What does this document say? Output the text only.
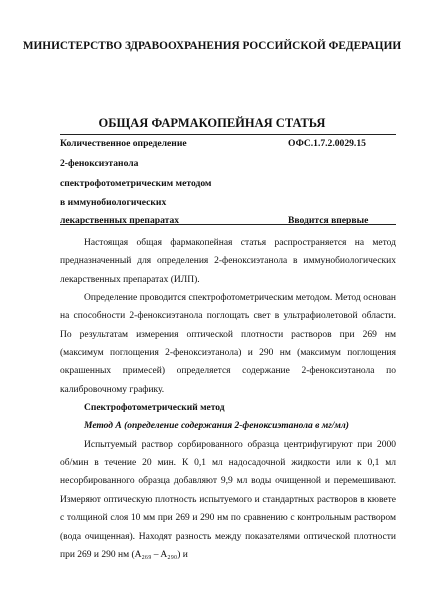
МИНИСТЕРСТВО ЗДРАВООХРАНЕНИЯ РОССИЙСКОЙ ФЕДЕРАЦИИ
ОБЩАЯ ФАРМАКОПЕЙНАЯ СТАТЬЯ
Количественное определение
2-феноксиэтанола
спектрофотометрическим методом
в иммунобиологических
лекарственных препаратах
ОФС.1.7.2.0029.15
Вводится впервые

Настоящая общая фармакопейная статья распространяется на метод предназначенный для определения 2-феноксиэтанола в иммунобиологических лекарственных препаратах (ИЛП).

Определение проводится спектрофотометрическим методом. Метод основан на способности 2-феноксиэтанола поглощать свет в ультрафиолетовой области. По результатам измерения оптической плотности растворов при 269 нм (максимум поглощения 2-феноксиэтанола) и 290 нм (максимум поглощения окрашенных примесей) определяется содержание 2-феноксиэтанола по калибровочному графику.

Спектрофотометрический метод

Метод А (определение содержания 2-феноксиэтанола в мг/мл)

Испытуемый раствор сорбированного образца центрифугируют при 2000 об/мин в течение 20 мин. К 0,1 мл надосадочной жидкости или к 0,1 мл несорбированного образца добавляют 9,9 мл воды очищенной и перемешивают. Измеряют оптическую плотность испытуемого и стандартных растворов в кювете с толщиной слоя 10 мм при 269 и 290 нм по сравнению с контрольным раствором (вода очищенная). Находят разность между показателями оптической плотности при 269 и 290 нм (A₂₆₉ – A₂₉₀) и
